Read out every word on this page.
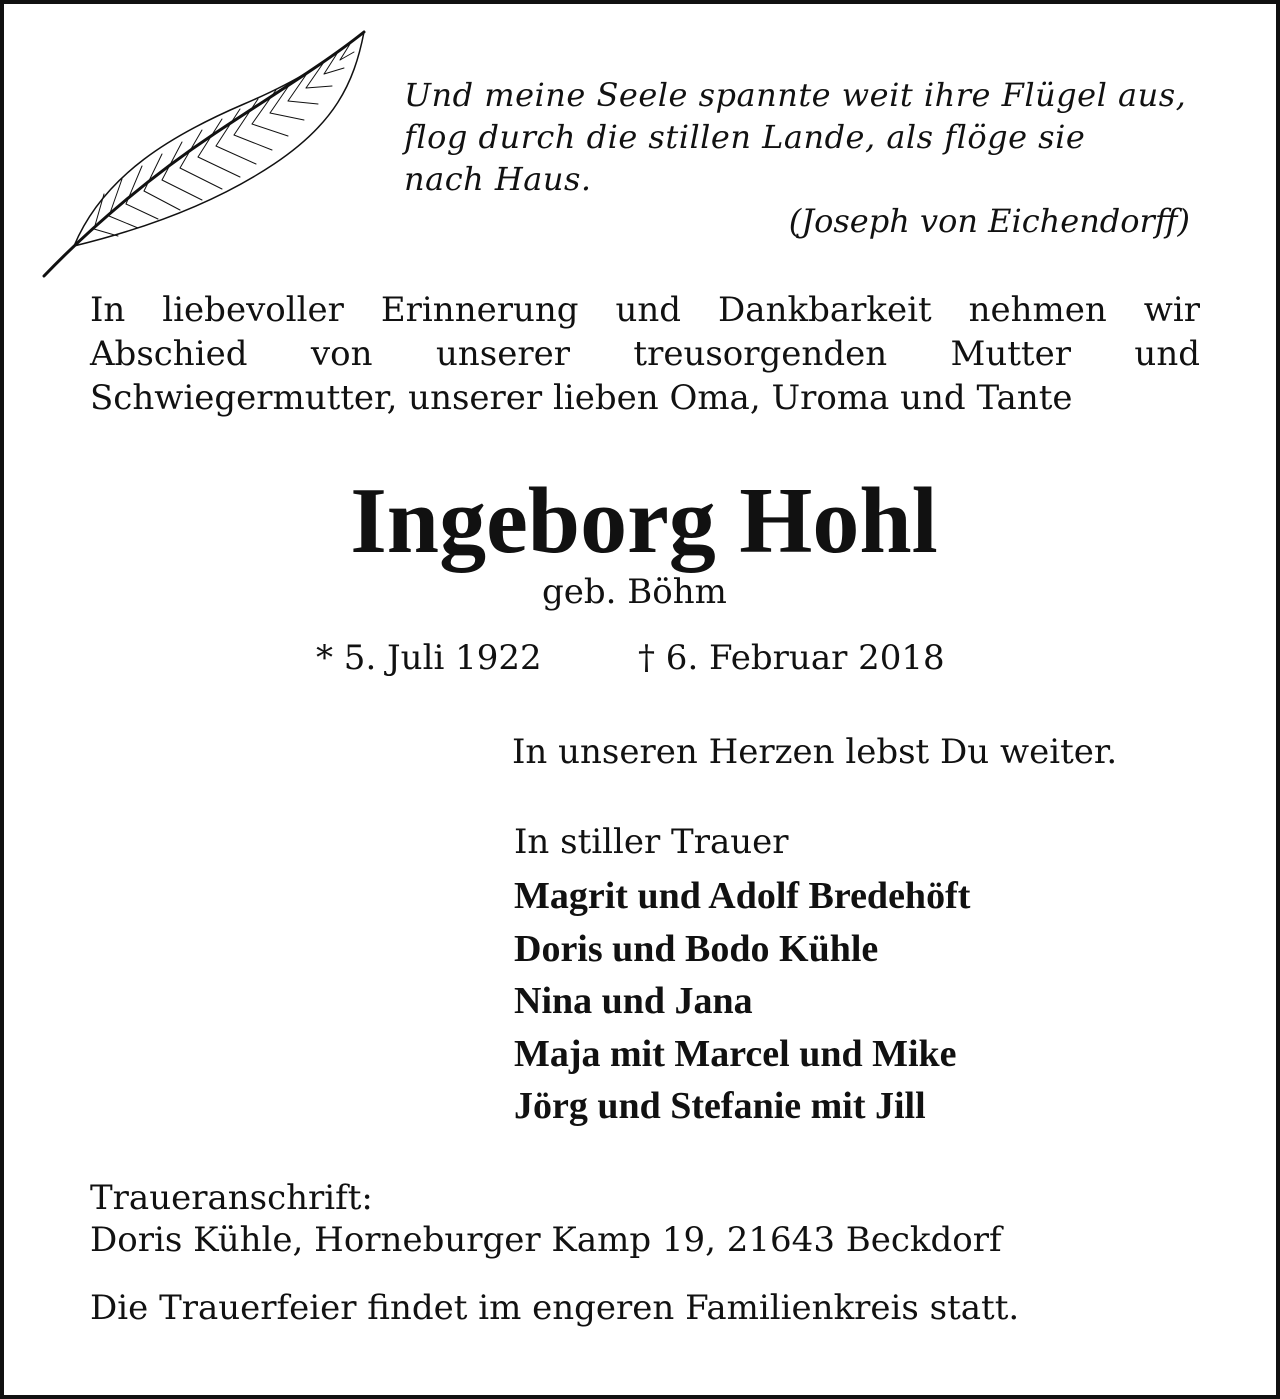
Und meine Seele spannte weit ihre Flügel aus,
flog durch die stillen Lande, als flöge sie
nach Haus.
(Joseph von Eichendorff)
In liebevoller Erinnerung und Dankbarkeit nehmen wir
Abschied von unserer treusorgenden Mutter und
Schwiegermutter, unserer lieben Oma, Uroma und Tante
Ingeborg Hohl
geb. Böhm
* 5. Juli 1922	† 6. Februar 2018
In unseren Herzen lebst Du weiter.
In stiller Trauer
Magrit und Adolf Bredehöft
Doris und Bodo Kühle
Nina und Jana
Maja mit Marcel und Mike
Jörg und Stefanie mit Jill
Traueranschrift:
Doris Kühle, Horneburger Kamp 19, 21643 Beckdorf
Die Trauerfeier findet im engeren Familienkreis statt.
